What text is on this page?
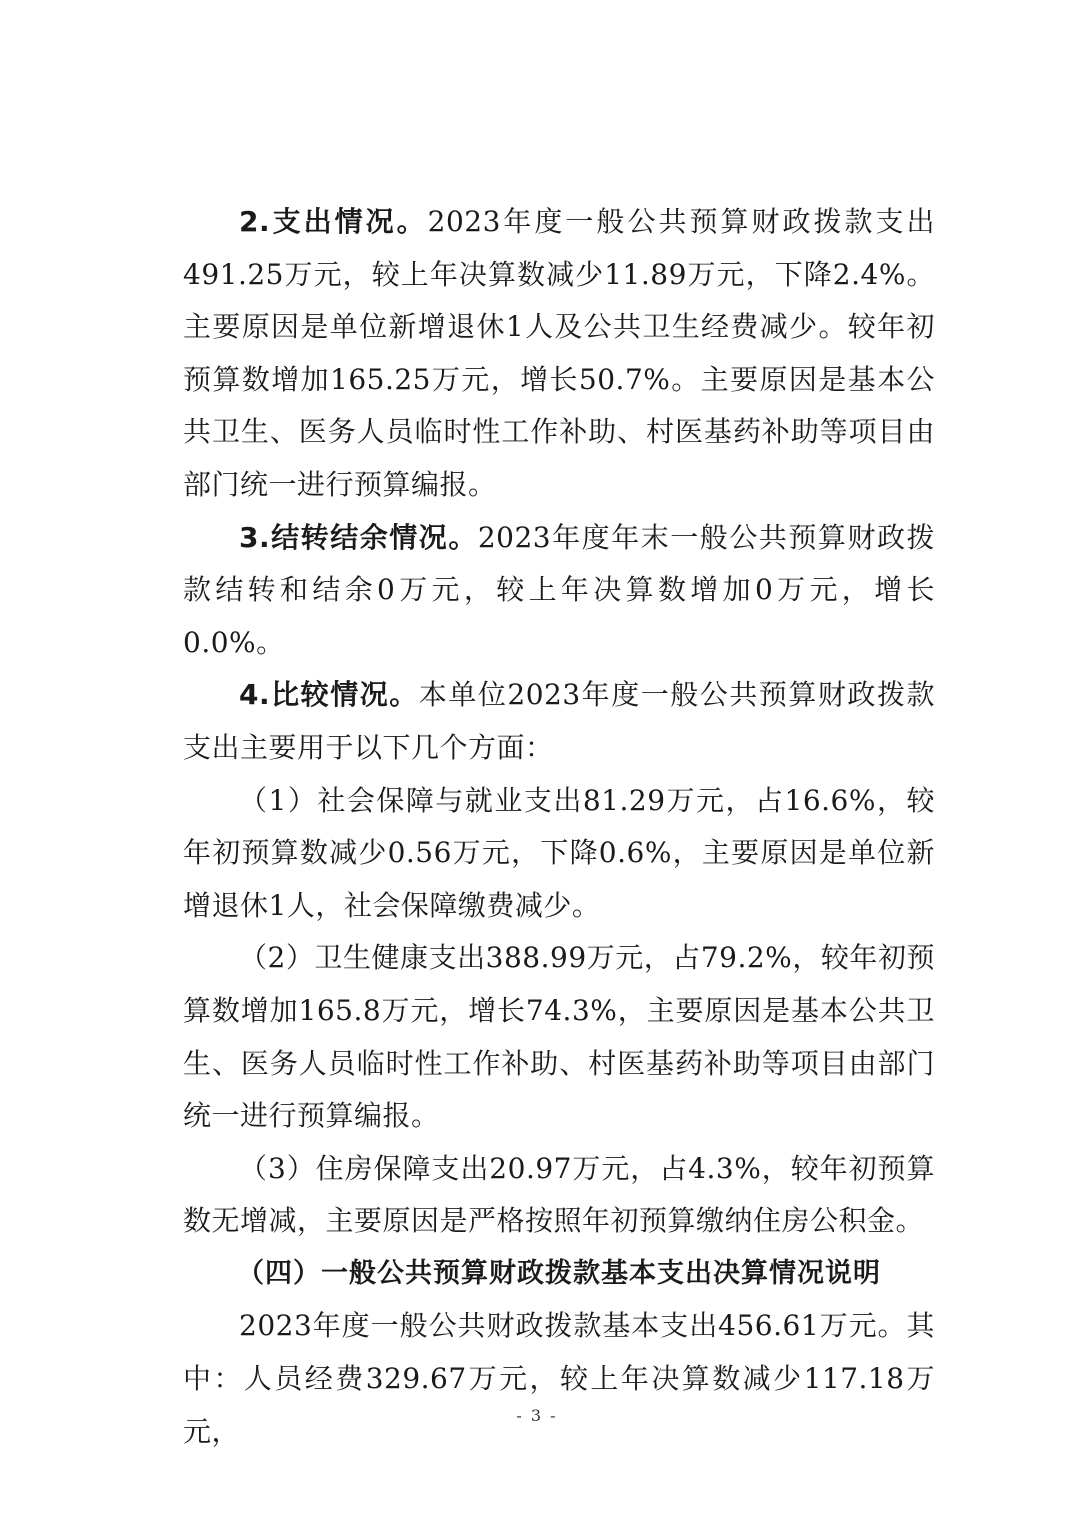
2.支出情况。2023年度一般公共预算财政拨款支出491.25万元，较上年决算数减少11.89万元，下降2.4%。主要原因是单位新增退休1人及公共卫生经费减少。较年初预算数增加165.25万元，增长50.7%。主要原因是基本公共卫生、医务人员临时性工作补助、村医基药补助等项目由部门统一进行预算编报。

3.结转结余情况。2023年度年末一般公共预算财政拨款结转和结余0万元，较上年决算数增加0万元，增长0.0%。

4.比较情况。本单位2023年度一般公共预算财政拨款支出主要用于以下几个方面：

（1）社会保障与就业支出81.29万元，占16.6%，较年初预算数减少0.56万元，下降0.6%，主要原因是单位新增退休1人，社会保障缴费减少。

（2）卫生健康支出388.99万元，占79.2%，较年初预算数增加165.8万元，增长74.3%，主要原因是基本公共卫生、医务人员临时性工作补助、村医基药补助等项目由部门统一进行预算编报。

（3）住房保障支出20.97万元，占4.3%，较年初预算数无增减，主要原因是严格按照年初预算缴纳住房公积金。

（四）一般公共预算财政拨款基本支出决算情况说明

2023年度一般公共财政拨款基本支出456.61万元。其中：人员经费329.67万元，较上年决算数减少117.18万元，	- 3 -
